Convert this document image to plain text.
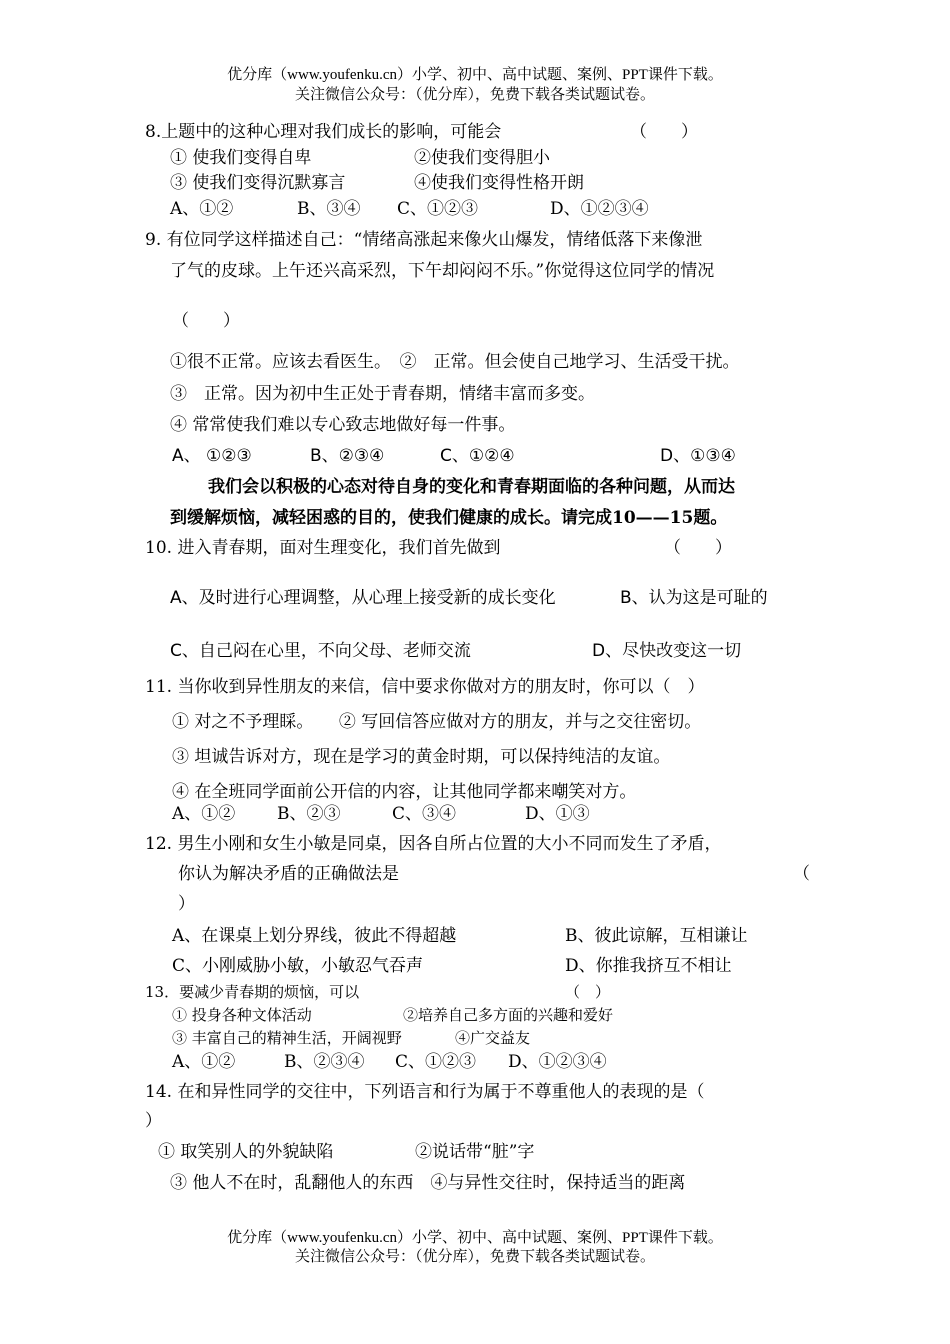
优分库（www.youfenku.cn）小学、初中、高中试题、案例、PPT课件下载。
关注微信公众号：（优分库），免费下载各类试题试卷。
8.上题中的这种心理对我们成长的影响，可能会	（　　）
① 使我们变得自卑	②使我们变得胆小
③ 使我们变得沉默寡言	④使我们变得性格开朗
A、①②	B、③④ C、①②③	D、①②③④
9. 有位同学这样描述自己：“情绪高涨起来像火山爆发，情绪低落下来像泄
了气的皮球。上午还兴高采烈，下午却闷闷不乐。”你觉得这位同学的情况
（　　）
①很不正常。应该去看医生。　②　正常。但会使自己地学习、生活受干扰。
③　正常。因为初中生正处于青春期，情绪丰富而多变。
④ 常常使我们难以专心致志地做好每一件事。
A、 ①②③	B、②③④	C、①②④	D、①③④
我们会以积极的心态对待自身的变化和青春期面临的各种问题，从而达
到缓解烦恼，减轻困惑的目的，使我们健康的成长。请完成10——15题。
10. 进入青春期，面对生理变化，我们首先做到	（　　）
A、及时进行心理调整，从心理上接受新的成长变化	B、认为这是可耻的
C、自己闷在心里，不向父母、老师交流	D、尽快改变这一切
11. 当你收到异性朋友的来信，信中要求你做对方的朋友时，你可以（　）
① 对之不予理睬。　　② 写回信答应做对方的朋友，并与之交往密切。
③ 坦诚告诉对方，现在是学习的黄金时期，可以保持纯洁的友谊。
④ 在全班同学面前公开信的内容，让其他同学都来嘲笑对方。
A、①② B、②③	C、③④	D、①③
12. 男生小刚和女生小敏是同桌，因各自所占位置的大小不同而发生了矛盾，
你认为解决矛盾的正确做法是	（
）
A、在课桌上划分界线，彼此不得超越	B、彼此谅解，互相谦让
C、小刚威胁小敏，小敏忍气吞声	D、你推我挤互不相让
13．要减少青春期的烦恼，可以	（　）
① 投身各种文体活动	②培养自己多方面的兴趣和爱好
③ 丰富自己的精神生活，开阔视野	④广交益友
A、①②	B、②③④ C、①②③ D、①②③④
14. 在和异性同学的交往中，下列语言和行为属于不尊重他人的表现的是（
）
① 取笑别人的外貌缺陷	②说话带“脏”字
③ 他人不在时，乱翻他人的东西　④与异性交往时，保持适当的距离
优分库（www.youfenku.cn）小学、初中、高中试题、案例、PPT课件下载。
关注微信公众号：（优分库），免费下载各类试题试卷。
